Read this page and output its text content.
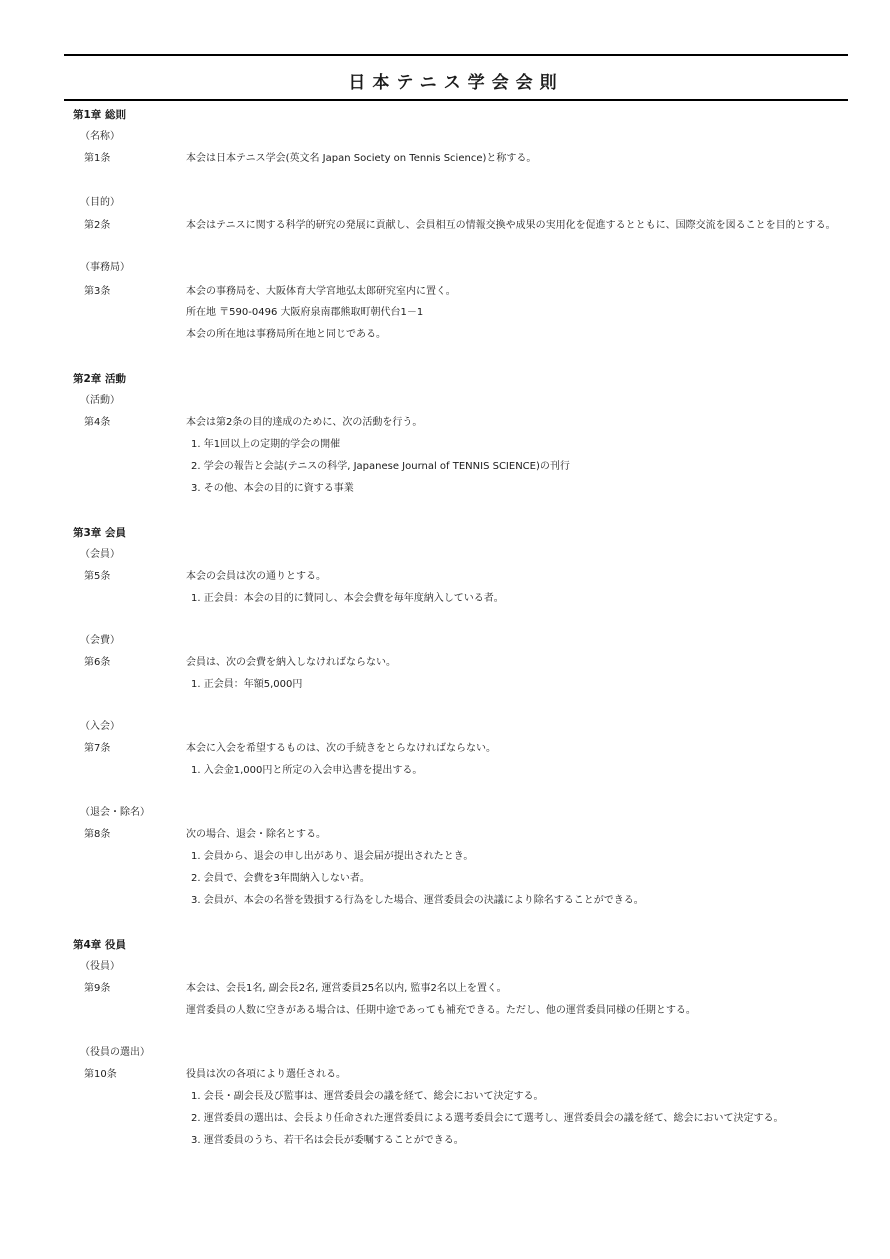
日本テニス学会会則
第1章 総則
（名称）
第1条	本会は日本テニス学会(英文名 Japan Society on Tennis Science)と称する。
（目的）
第2条	本会はテニスに関する科学的研究の発展に貢献し、会員相互の情報交換や成果の実用化を促進するとともに、国際交流を図ることを目的とする。
（事務局）
第3条	本会の事務局を、大阪体育大学宮地弘太郎研究室内に置く。
所在地 〒590-0496 大阪府泉南郡熊取町朝代台1－1
本会の所在地は事務局所在地と同じである。
第2章 活動
（活動）
第4条	本会は第2条の目的達成のために、次の活動を行う。
1. 年1回以上の定期的学会の開催
2. 学会の報告と会誌(テニスの科学, Japanese Journal of TENNIS SCIENCE)の刊行
3. その他、本会の目的に資する事業
第3章 会員
（会員）
第5条	本会の会員は次の通りとする。
1. 正会員：本会の目的に賛同し、本会会費を毎年度納入している者。
（会費）
第6条	会員は、次の会費を納入しなければならない。
1. 正会員：年額5,000円
（入会）
第7条	本会に入会を希望するものは、次の手続きをとらなければならない。
1. 入会金1,000円と所定の入会申込書を提出する。
（退会・除名）
第8条	次の場合、退会・除名とする。
1. 会員から、退会の申し出があり、退会届が提出されたとき。
2. 会員で、会費を3年間納入しない者。
3. 会員が、本会の名誉を毀損する行為をした場合、運営委員会の決議により除名することができる。
第4章 役員
（役員）
第9条	本会は、会長1名, 副会長2名, 運営委員25名以内, 監事2名以上を置く。
運営委員の人数に空きがある場合は、任期中途であっても補充できる。ただし、他の運営委員同様の任期とする。
（役員の選出）
第10条	役員は次の各項により選任される。
1. 会長・副会長及び監事は、運営委員会の議を経て、総会において決定する。
2. 運営委員の選出は、会長より任命された運営委員による選考委員会にて選考し、運営委員会の議を経て、総会において決定する。
3. 運営委員のうち、若干名は会長が委嘱することができる。
